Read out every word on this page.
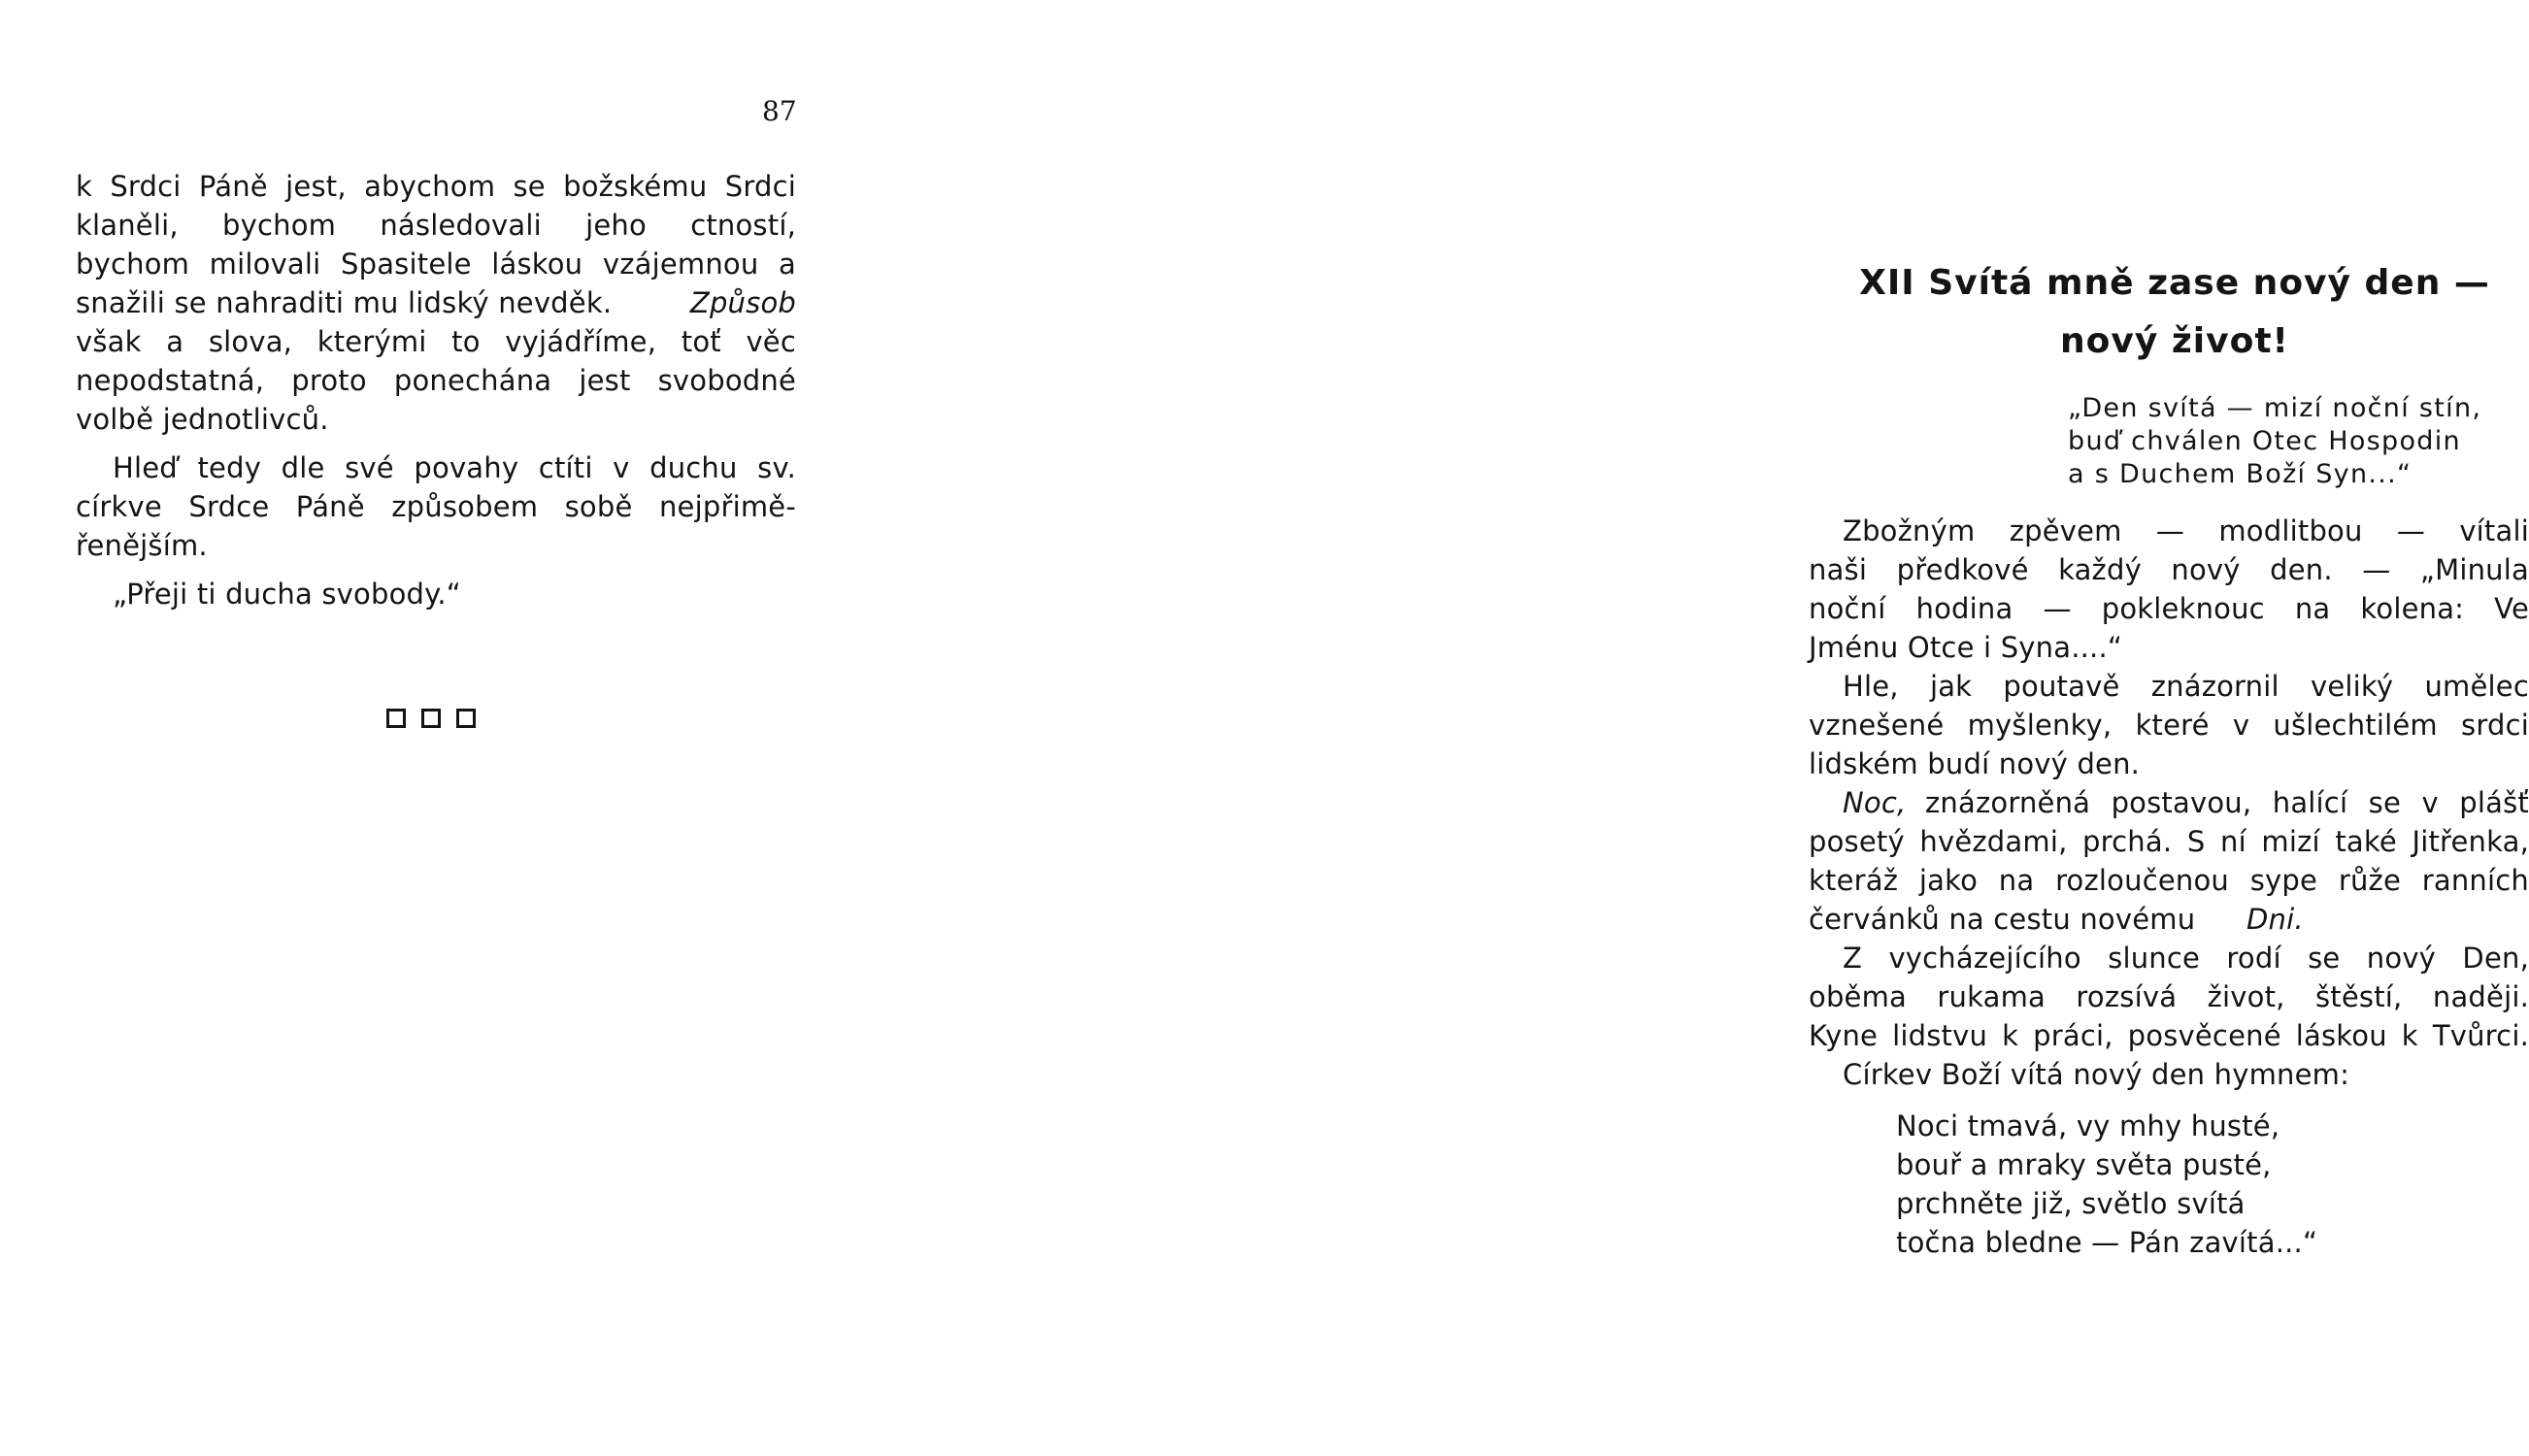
87
k Srdci Páně jest, abychom se božskému Srdci
klaněli, bychom následovali jeho ctností,
bychom milovali Spasitele láskou vzájemnou a
snažili se nahraditi mu lidský nevděk.	Způsob
však a slova, kterými to vyjádříme, toť věc
nepodstatná, proto ponechána jest svobodné
volbě jednotlivců.
Hleď tedy dle své povahy ctíti v duchu sv.
církve Srdce Páně způsobem sobě nejpřimě-
řenějším.
„Přeji ti ducha svobody.“
XII Svítá mně zase nový den —
nový život!
„Den svítá — mizí noční stín,
buď chválen Otec Hospodin
a s Duchem Boží Syn...“
Zbožným zpěvem — modlitbou — vítali
naši předkové každý nový den. — „Minula
noční hodina — pokleknouc na kolena: Ve
Jménu Otce i Syna....“
Hle, jak poutavě znázornil veliký umělec
vznešené myšlenky, které v ušlechtilém srdci
lidském budí nový den.
Noc, znázorněná postavou, halící se v plášť
posetý hvězdami, prchá. S ní mizí také Jitřenka,
kteráž jako na rozloučenou sype růže ranních
červánků na cestu novému	Dni.
Z vycházejícího slunce rodí se nový Den,
oběma rukama rozsívá život, štěstí, naději.
Kyne lidstvu k práci, posvěcené láskou k Tvůrci.
Církev Boží vítá nový den hymnem:
Noci tmavá, vy mhy husté,
bouř a mraky světa pusté,
prchněte již, světlo svítá
točna bledne — Pán zavítá...“
